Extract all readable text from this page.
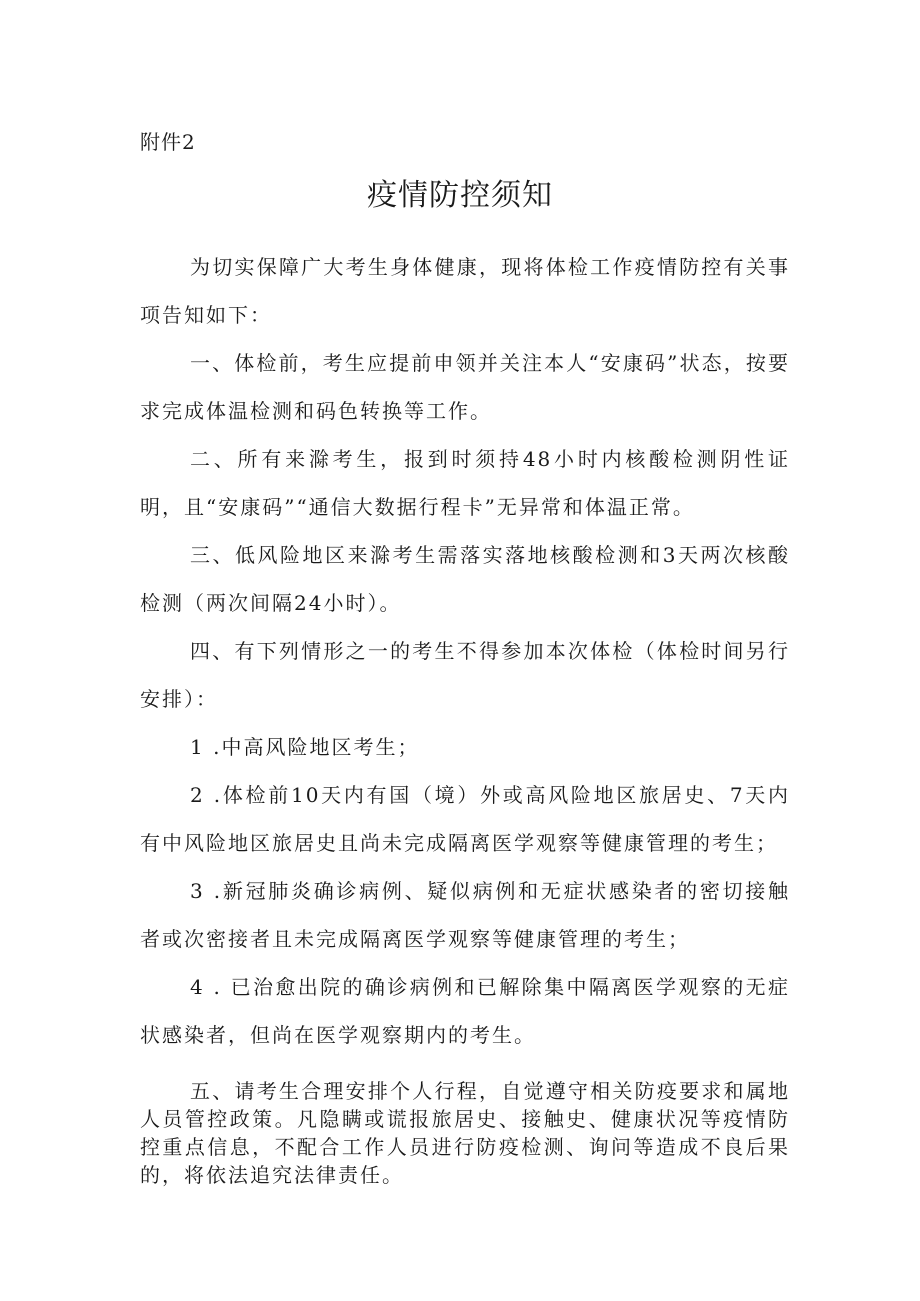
附件2
疫情防控须知

为切实保障广大考生身体健康，现将体检工作疫情防控有关事项告知如下：

一、体检前，考生应提前申领并关注本人“安康码”状态，按要求完成体温检测和码色转换等工作。

二、所有来滁考生，报到时须持48小时内核酸检测阴性证明，且“安康码”“通信大数据行程卡”无异常和体温正常。

三、低风险地区来滁考生需落实落地核酸检测和3天两次核酸检测（两次间隔24小时）。

四、有下列情形之一的考生不得参加本次体检（体检时间另行安排）：

1 .中高风险地区考生；

2 .体检前10天内有国（境）外或高风险地区旅居史、7天内有中风险地区旅居史且尚未完成隔离医学观察等健康管理的考生；

3 .新冠肺炎确诊病例、疑似病例和无症状感染者的密切接触者或次密接者且未完成隔离医学观察等健康管理的考生；

4 . 已治愈出院的确诊病例和已解除集中隔离医学观察的无症状感染者，但尚在医学观察期内的考生。

五、请考生合理安排个人行程，自觉遵守相关防疫要求和属地人员管控政策。凡隐瞒或谎报旅居史、接触史、健康状况等疫情防控重点信息，不配合工作人员进行防疫检测、询问等造成不良后果的，将依法追究法律责任。
